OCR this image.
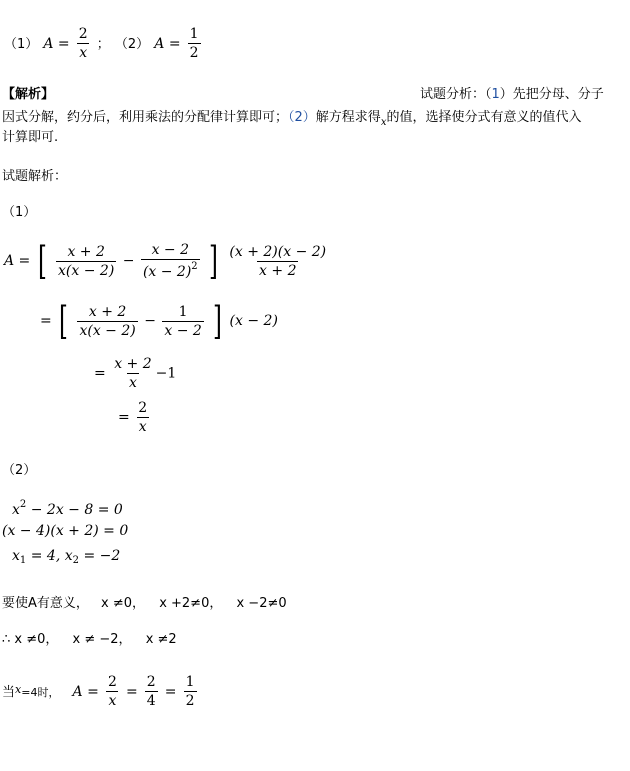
（1） $A = \frac{2}{x}$ ； （2） $A = \frac{1}{2}$
【解析】	试题分析：（1）先把分母、分子
因式分解，约分后，利用乘法的分配律计算即可；（2）解方程求得$_x$的值，选择使分式有意义的值代入
计算即可.
试题解析：
（1）
A = [ $\frac{x + 2}{x(x - 2)} - \frac{x - 2}{(x - 2)^2}$ ] $\frac{(x + 2)(x - 2)}{x + 2}$
= [ $\frac{x + 2}{x(x - 2)} - \frac{1}{x - 2}$ ] (x − 2)
= $\frac{x + 2}{x} -1$
= $\frac{2}{x}$
（2）
$x^2 - 2x - 8 = 0$
(x − 4)(x + 2) = 0
$x_1 = 4$, $x_2 = -2$
要使A有意义， x ≠0， x +2≠0， x −2≠0
∴ x ≠0， x ≠ −2， x ≠2
当x=4时， $A = \frac{2}{x} = \frac{2}{4} = \frac{1}{2}$
